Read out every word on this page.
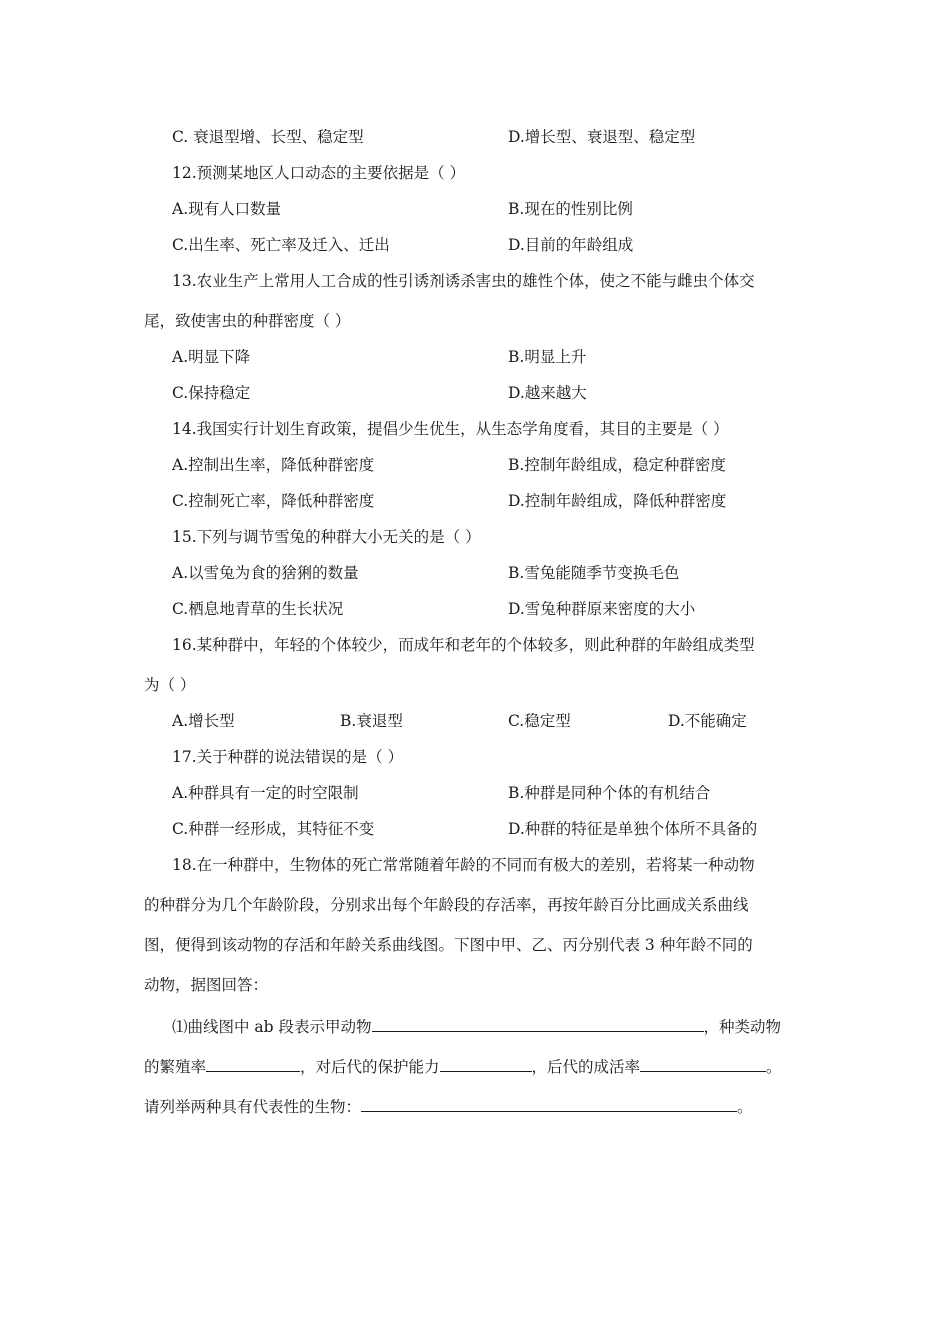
C. 衰退型增、长型、稳定型	D.增长型、衰退型、稳定型
12.预测某地区人口动态的主要依据是（ ）
A.现有人口数量	B.现在的性别比例
C.出生率、死亡率及迁入、迁出	D.目前的年龄组成
13.农业生产上常用人工合成的性引诱剂诱杀害虫的雄性个体，使之不能与雌虫个体交
尾，致使害虫的种群密度（ ）
A.明显下降	B.明显上升
C.保持稳定	D.越来越大
14.我国实行计划生育政策，提倡少生优生，从生态学角度看，其目的主要是（ ）
A.控制出生率，降低种群密度	B.控制年龄组成，稳定种群密度
C.控制死亡率，降低种群密度	D.控制年龄组成，降低种群密度
15.下列与调节雪兔的种群大小无关的是（ ）
A.以雪兔为食的猞猁的数量	B.雪兔能随季节变换毛色
C.栖息地青草的生长状况	D.雪兔种群原来密度的大小
16.某种群中，年轻的个体较少，而成年和老年的个体较多，则此种群的年龄组成类型
为（ ）
A.增长型	B.衰退型	C.稳定型	D.不能确定
17.关于种群的说法错误的是（ ）
A.种群具有一定的时空限制	B.种群是同种个体的有机结合
C.种群一经形成，其特征不变	D.种群的特征是单独个体所不具备的
18.在一种群中，生物体的死亡常常随着年龄的不同而有极大的差别，若将某一种动物
的种群分为几个年龄阶段，分别求出每个年龄段的存活率，再按年龄百分比画成关系曲线
图，便得到该动物的存活和年龄关系曲线图。下图中甲、乙、丙分别代表 3 种年龄不同的
动物，据图回答：
⑴曲线图中 ab 段表示甲动物	，种类动物
的繁殖率	，对后代的保护能力	，后代的成活率	。
请列举两种具有代表性的生物：	。
